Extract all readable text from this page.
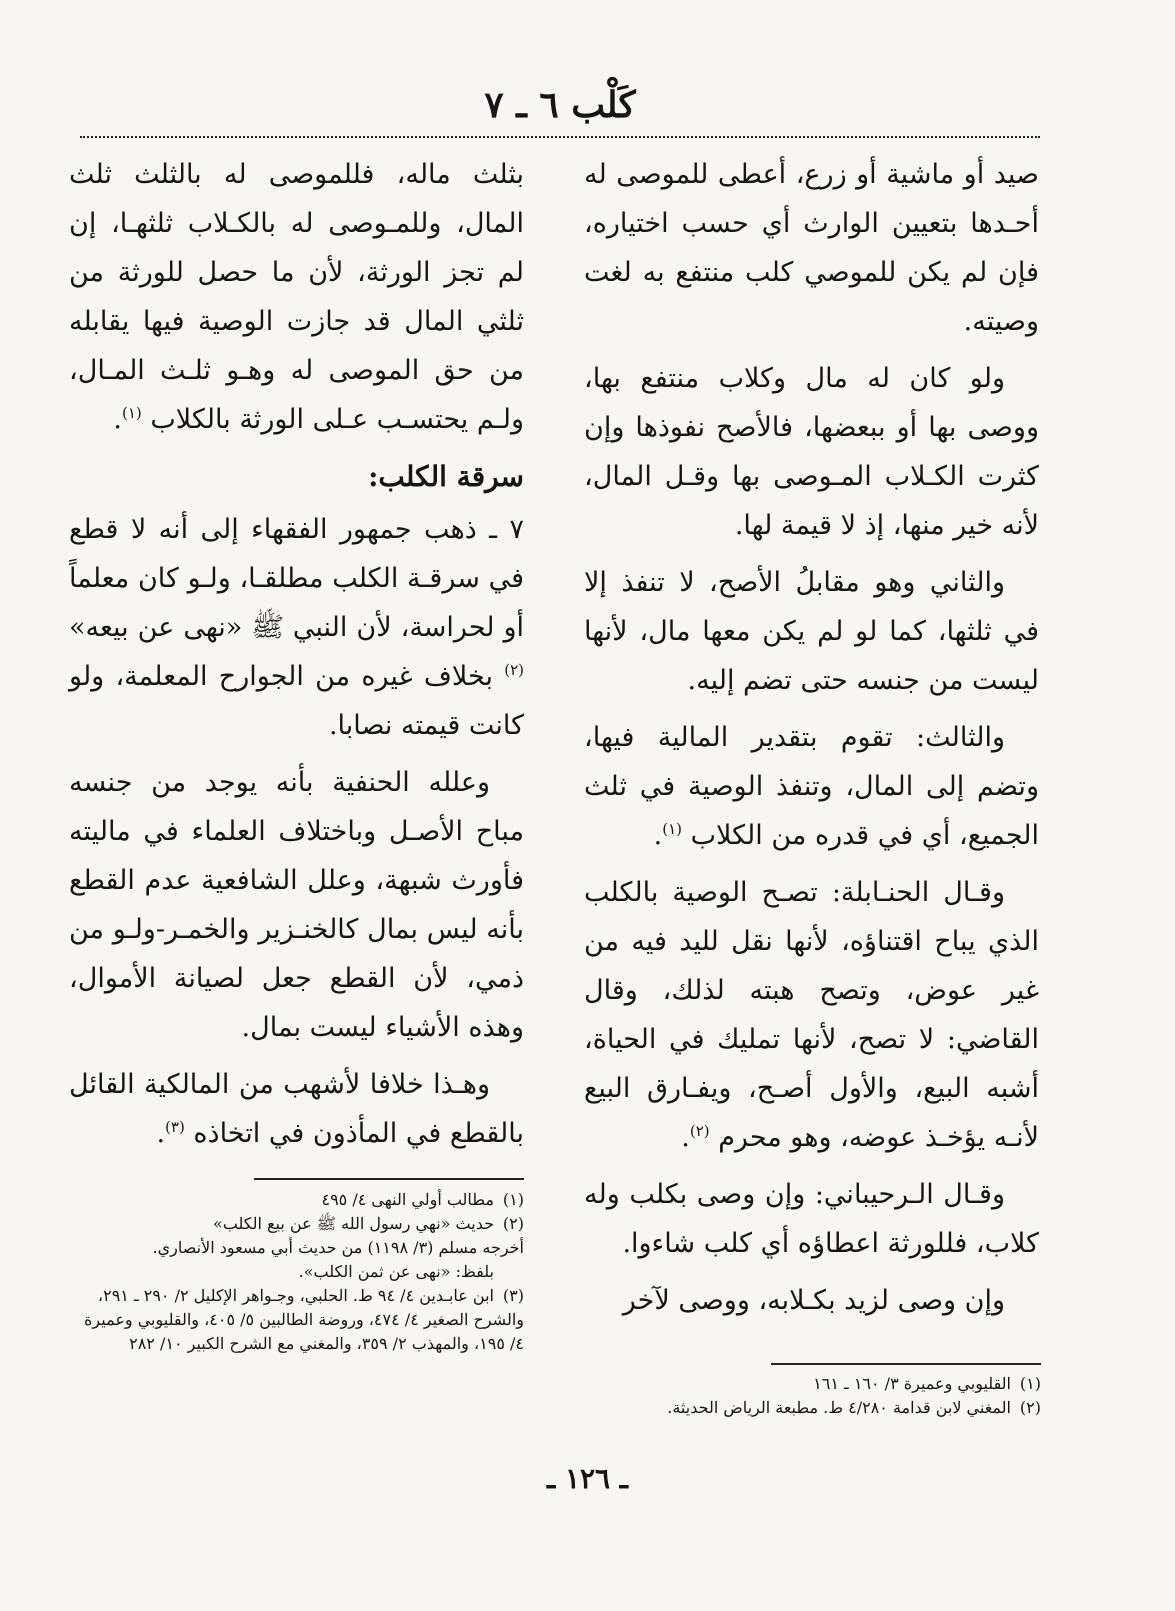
كَلْب ٦ ـ ٧

صيد أو ماشية أو زرع، أعطى للموصى له أحـدها بتعيين الوارث أي حسب اختياره، فإن لم يكن للموصي كلب منتفع به لغت وصيته.

ولو كان له مال وكلاب منتفع بها، ووصى بها أو ببعضها، فالأصح نفوذها وإن كثرت الكـلاب المـوصى بها وقـل المال، لأنه خير منها، إذ لا قيمة لها.

والثاني وهو مقابلُ الأصح، لا تنفذ إلا في ثلثها، كما لو لم يكن معها مال، لأنها ليست من جنسه حتى تضم إليه.

والثالث: تقوم بتقدير المالية فيها، وتضم إلى المال، وتنفذ الوصية في ثلث الجميع، أي في قدره من الكلاب $^{(١)}$.

وقـال الحنـابلة: تصـح الوصية بالكلب الذي يباح اقتناؤه، لأنها نقل لليد فيه من غير عوض، وتصح هبته لذلك، وقال القاضي: لا تصح، لأنها تمليك في الحياة، أشبه البيع، والأول أصـح، ويفـارق البيع لأنـه يؤخـذ عوضه، وهو محرم $^{(٢)}$.

وقـال الـرحيباني: وإن وصى بكلب وله كلاب، فللورثة اعطاؤه أي كلب شاءوا.

وإن وصى لزيد بكـلابه، ووصى لآخر

بثلث ماله، فللموصى له بالثلث ثلث المال، وللمـوصى له بالكـلاب ثلثهـا، إن لم تجز الورثة، لأن ما حصل للورثة من ثلثي المال قد جازت الوصية فيها يقابله من حق الموصى له وهـو ثلـث المـال، ولـم يحتسـب عـلى الورثة بالكلاب $^{(١)}$.

سرقة الكلب:

٧ ـ ذهب جمهور الفقهاء إلى أنه لا قطع في سرقـة الكلب مطلقـا، ولـو كان معلماً أو لحراسة، لأن النبي ﷺ «نهى عن بيعه» $^{(٢)}$ بخلاف غيره من الجوارح المعلمة، ولو كانت قيمته نصابا.

وعلله الحنفية بأنه يوجد من جنسه مباح الأصـل وباختلاف العلماء في ماليته فأورث شبهة، وعلل الشافعية عدم القطع بأنه ليس بمال كالخنـزير والخمـر-ولـو من ذمي، لأن القطع جعل لصيانة الأموال، وهذه الأشياء ليست بمال.

وهـذا خلافا لأشهب من المالكية القائل بالقطع في المأذون في اتخاذه $^{(٣)}$.

(١)مطالب أولي النهى ٤/ ٤٩٥

(٢)حديث «نهي رسول الله ﷺ عن بيع الكلب»

أخرجه مسلم (٣/ ١١٩٨) من حديث أبي مسعود الأنصاري.

بلفظ: «نهى عن ثمن الكلب».

(٣)ابن عابـدين ٤/ ٩٤ ط. الحلبي، وجـواهر الإكليل ٢/ ٢٩٠ ـ ٢٩١، والشرح الصغير ٤/ ٤٧٤، وروضة الطالبين ٥/ ٤٠٥، والقليوبي وعميرة ٤/ ١٩٥، والمهذب ٢/ ٣٥٩، والمغني مع الشرح الكبير ١٠/ ٢٨٢

(١)القليوبي وعميرة ٣/ ١٦٠ ـ ١٦١

(٢)المغني لابن قدامة ٤/٢٨٠ ط. مطبعة الرياض الحديثة.

ـ ١٢٦ ـ
